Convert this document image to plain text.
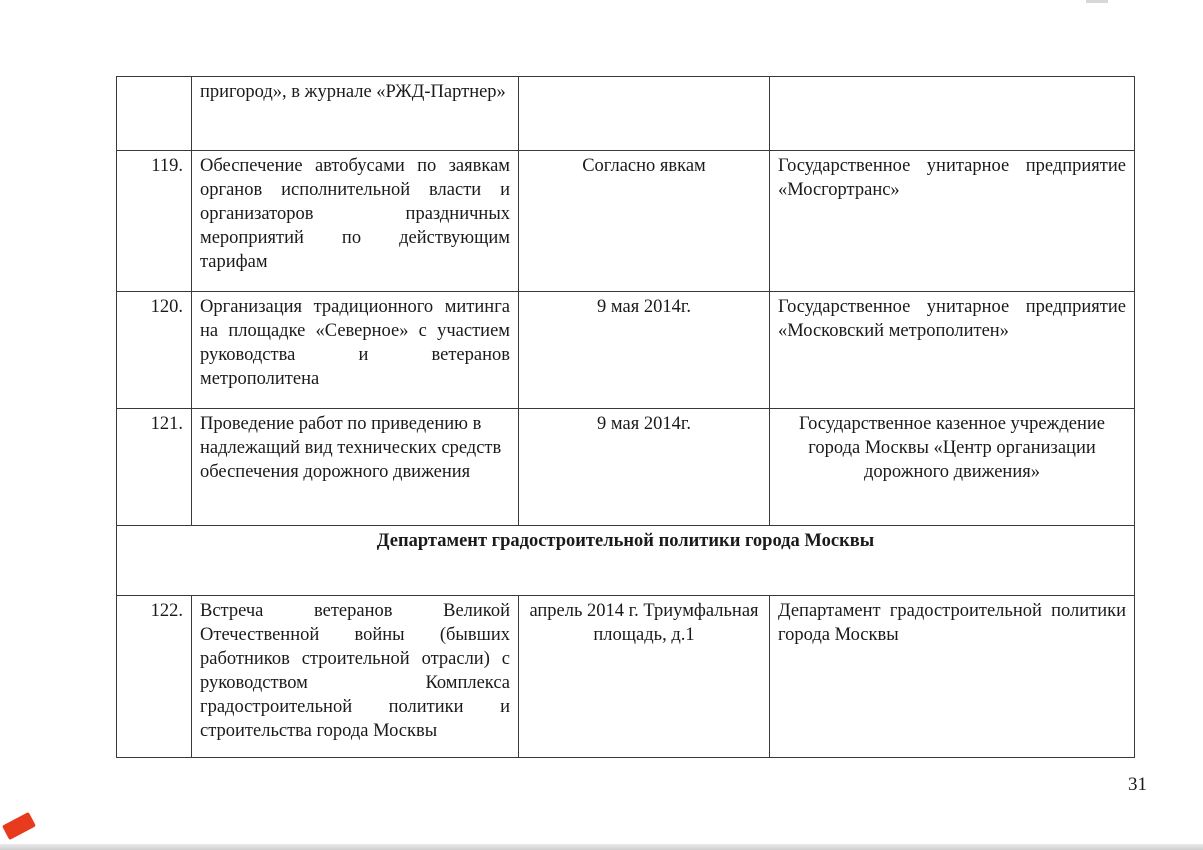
	пригород», в журнале «РЖД-Партнер»		
119.	Обеспечение автобусами по заявкам органов исполнительной власти и организаторов праздничных мероприятий по действующим тарифам	Согласно явкам	Государственное унитарное предприятие «Мосгортранс»
120.	Организация традиционного митинга на площадке «Северное» с участием руководства и ветеранов метрополитена	9 мая 2014г.	Государственное унитарное предприятие «Московский метрополитен»
121.	Проведение работ по приведению в надлежащий вид технических средств обеспечения дорожного движения	9 мая 2014г.	Государственное казенное учреждение города Москвы «Центр организации дорожного движения»
Департамент градостроительной политики города Москвы			
122.	Встреча ветеранов Великой Отечественной войны (бывших работников строительной отрасли) с руководством Комплекса градостроительной политики и строительства города Москвы	апрель 2014 г. Триумфальная площадь, д.1	Департамент градостроительной политики города Москвы
31
